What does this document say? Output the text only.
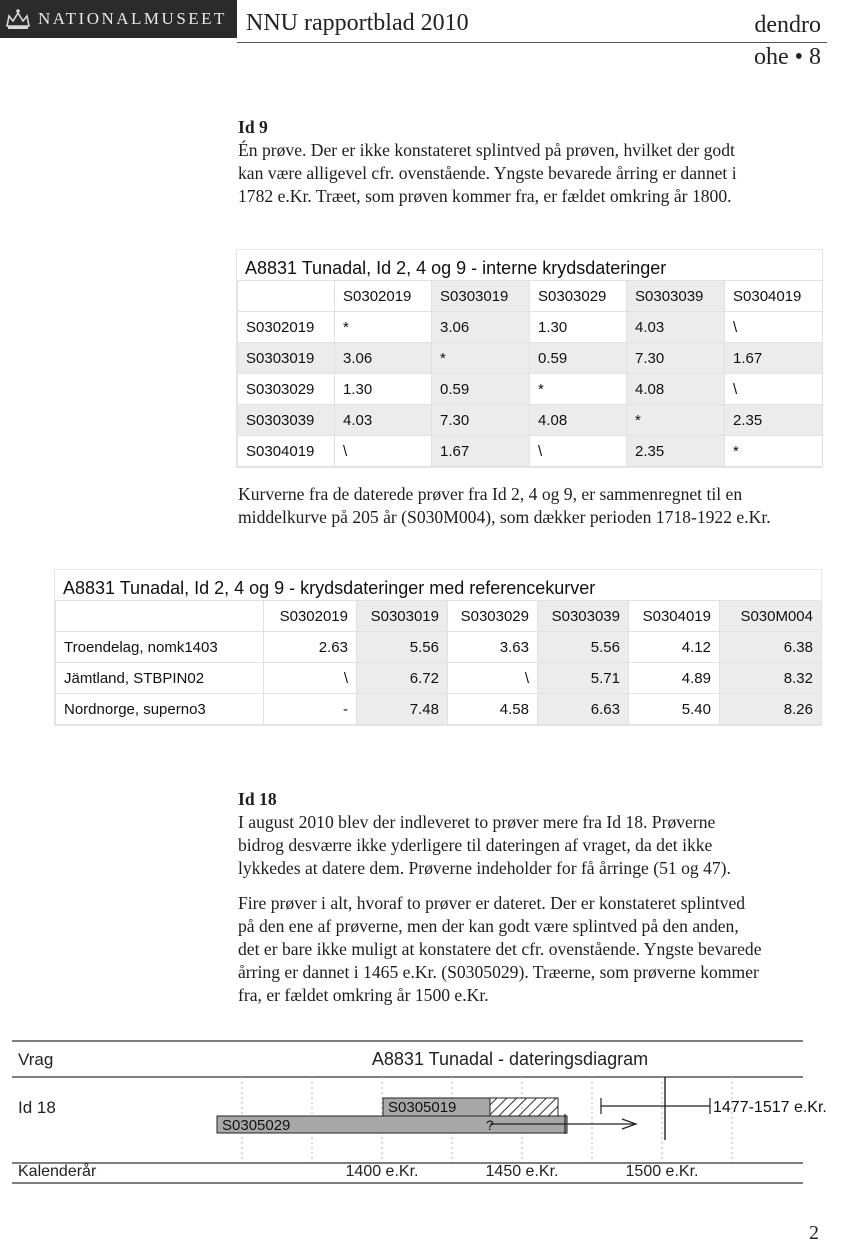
NATIONALMUSEET NNU rapportblad 2010	dendro
ohe • 8

Id 9

Én prøve. Der er ikke konstateret splintved på prøven, hvilket der godt

kan være alligevel cfr. ovenstående. Yngste bevarede årring er dannet i

1782 e.Kr. Træet, som prøven kommer fra, er fældet omkring år 1800.

A8831 Tunadal, Id 2, 4 og 9 - interne krydsdateringer
	S0302019	S0303019	S0303029	S0303039	S0304019
S0302019	*	3.06	1.30	4.03	\
S0303019	3.06	*	0.59	7.30	1.67
S0303029	1.30	0.59	*	4.08	\
S0303039	4.03	7.30	4.08	*	2.35
S0304019	\	1.67	\	2.35	*

Kurverne fra de daterede prøver fra Id 2, 4 og 9, er sammenregnet til en

middelkurve på 205 år (S030M004), som dækker perioden 1718-1922 e.Kr.

A8831 Tunadal, Id 2, 4 og 9 - krydsdateringer med referencekurver
	S0302019	S0303019	S0303029	S0303039	S0304019	S030M004
Troendelag, nomk1403	2.63	5.56	3.63	5.56	4.12	6.38
Jämtland, STBPIN02	\	6.72	\	5.71	4.89	8.32
Nordnorge, superno3	-	7.48	4.58	6.63	5.40	8.26

Id 18

I august 2010 blev der indleveret to prøver mere fra Id 18. Prøverne

bidrog desværre ikke yderligere til dateringen af vraget, da det ikke

lykkedes at datere dem. Prøverne indeholder for få årringe (51 og 47).

Fire prøver i alt, hvoraf to prøver er dateret. Der er konstateret splintved

på den ene af prøverne, men der kan godt være splintved på den anden,

det er bare ikke muligt at konstatere det cfr. ovenstående. Yngste bevarede

årring er dannet i 1465 e.Kr. (S0305029). Træerne, som prøverne kommer

fra, er fældet omkring år 1500 e.Kr.

Vrag	A8831 Tunadal - dateringsdiagram
Id 18	S0305019
S0305029	?
1477-1517 e.Kr.
Kalenderår	1400 e.Kr.	1450 e.Kr.	1500 e.Kr.
2
